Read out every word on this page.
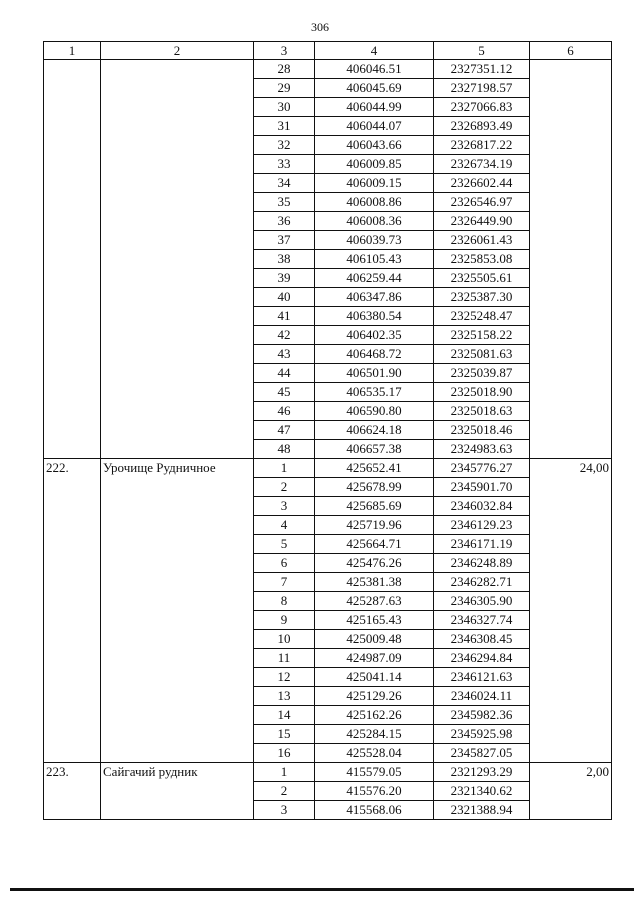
306
1	2	3	4	5	6
		28	406046.51	2327351.12	
		29	406045.69	2327198.57	
		30	406044.99	2327066.83	
		31	406044.07	2326893.49	
		32	406043.66	2326817.22	
		33	406009.85	2326734.19	
		34	406009.15	2326602.44	
		35	406008.86	2326546.97	
		36	406008.36	2326449.90	
		37	406039.73	2326061.43	
		38	406105.43	2325853.08	
		39	406259.44	2325505.61	
		40	406347.86	2325387.30	
		41	406380.54	2325248.47	
		42	406402.35	2325158.22	
		43	406468.72	2325081.63	
		44	406501.90	2325039.87	
		45	406535.17	2325018.90	
		46	406590.80	2325018.63	
		47	406624.18	2325018.46	
		48	406657.38	2324983.63	
222.	Урочище Рудничное	1	425652.41	2345776.27	24,00
		2	425678.99	2345901.70	
		3	425685.69	2346032.84	
		4	425719.96	2346129.23	
		5	425664.71	2346171.19	
		6	425476.26	2346248.89	
		7	425381.38	2346282.71	
		8	425287.63	2346305.90	
		9	425165.43	2346327.74	
		10	425009.48	2346308.45	
		11	424987.09	2346294.84	
		12	425041.14	2346121.63	
		13	425129.26	2346024.11	
		14	425162.26	2345982.36	
		15	425284.15	2345925.98	
		16	425528.04	2345827.05	
223.	Сайгачий рудник	1	415579.05	2321293.29	2,00
		2	415576.20	2321340.62	
		3	415568.06	2321388.94	
